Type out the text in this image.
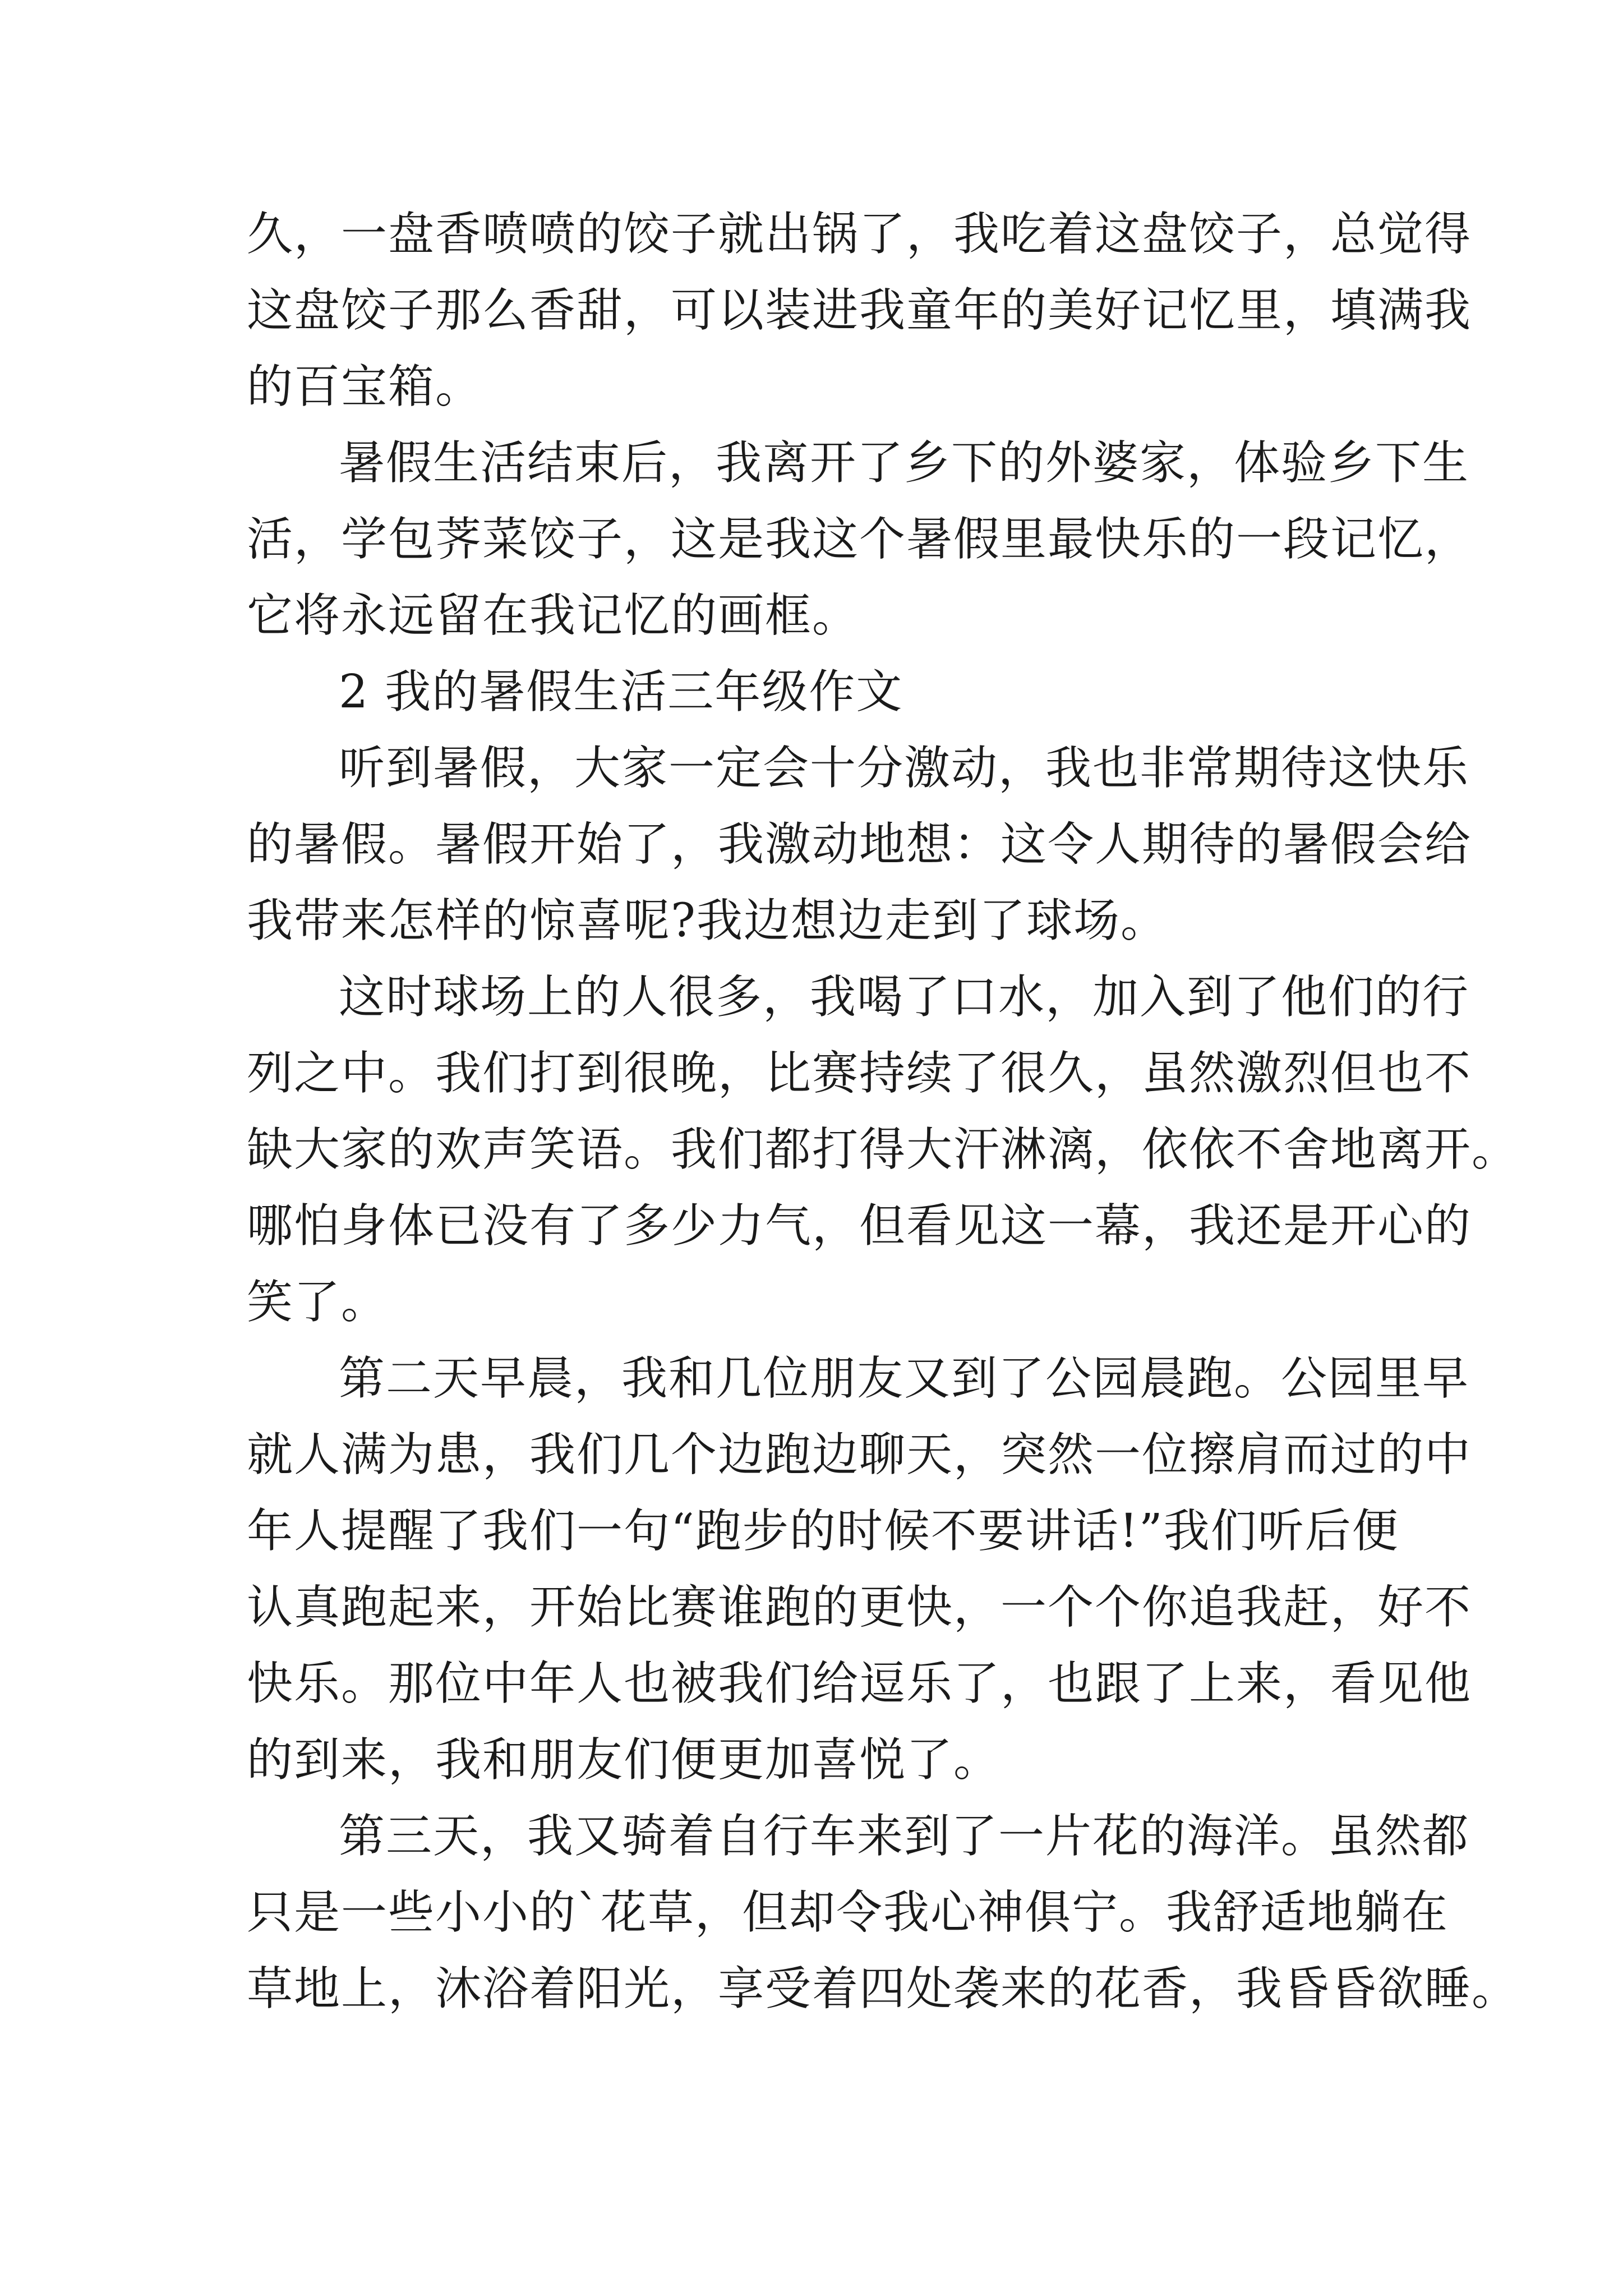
久，一盘香喷喷的饺子就出锅了，我吃着这盘饺子，总觉得
这盘饺子那么香甜，可以装进我童年的美好记忆里，填满我
的百宝箱。
暑假生活结束后，我离开了乡下的外婆家，体验乡下生
活，学包荠菜饺子，这是我这个暑假里最快乐的一段记忆，
它将永远留在我记忆的画框。
2 我的暑假生活三年级作文
听到暑假，大家一定会十分激动，我也非常期待这快乐
的暑假。暑假开始了，我激动地想：这令人期待的暑假会给
我带来怎样的惊喜呢?我边想边走到了球场。
这时球场上的人很多，我喝了口水，加入到了他们的行
列之中。我们打到很晚，比赛持续了很久，虽然激烈但也不
缺大家的欢声笑语。我们都打得大汗淋漓，依依不舍地离开。
哪怕身体已没有了多少力气，但看见这一幕，我还是开心的
笑了。
第二天早晨，我和几位朋友又到了公园晨跑。公园里早
就人满为患，我们几个边跑边聊天，突然一位擦肩而过的中
年人提醒了我们一句“跑步的时候不要讲话!”我们听后便
认真跑起来，开始比赛谁跑的更快，一个个你追我赶，好不
快乐。那位中年人也被我们给逗乐了，也跟了上来，看见他
的到来，我和朋友们便更加喜悦了。
第三天，我又骑着自行车来到了一片花的海洋。虽然都
只是一些小小的`花草，但却令我心神俱宁。我舒适地躺在
草地上，沐浴着阳光，享受着四处袭来的花香，我昏昏欲睡。
